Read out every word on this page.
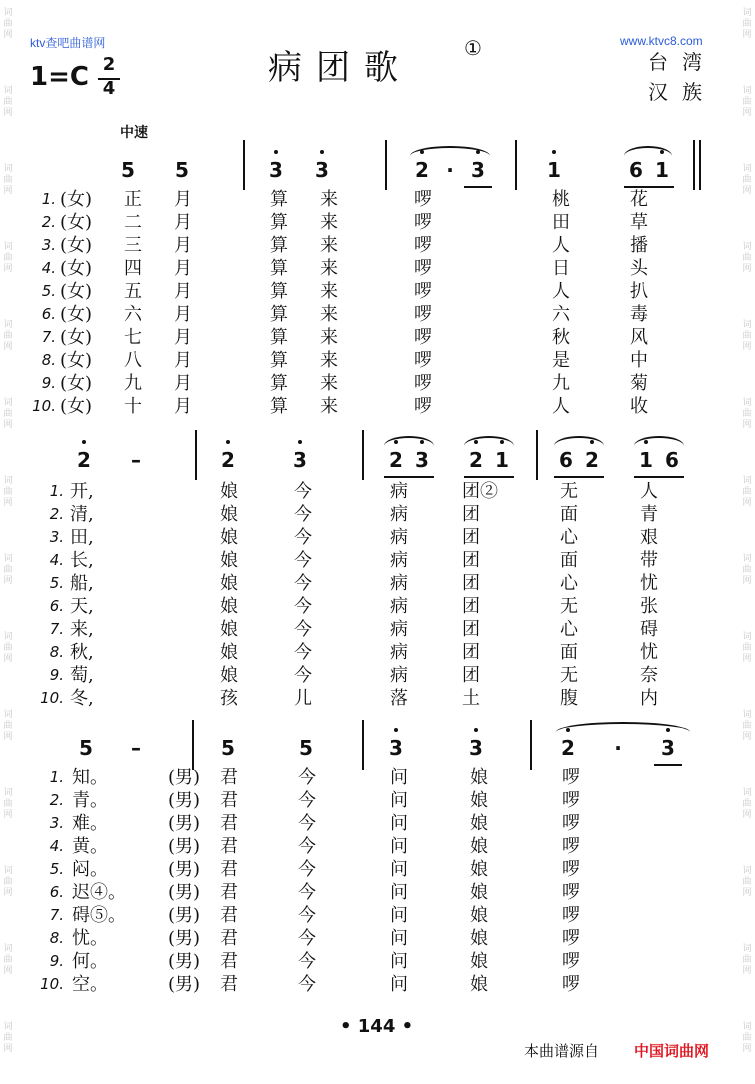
ktv查吧曲谱网	www.ktvc8.com
病团歌	①
1=C 2
4
台湾
汉族
中速
5	5	3	3	2 · 3	1	6 1
1. (女)	正 月	算 来	啰	桃	花
2. (女)	二 月	算 来	啰	田	草
3. (女)	三 月	算 来	啰	人	播
4. (女)	四 月	算 来	啰	日	头
5. (女)	五 月	算 来	啰	人	扒
6. (女)	六 月	算 来	啰	六	毒
7. (女)	七 月	算 来	啰	秋	风
8. (女)	八 月	算 来	啰	是	中
9. (女)	九 月	算 来	啰	九	菊
10. (女)	十 月	算 来	啰	人	收
2	–	2	3	2 3	2 1	6 2	1 6
1. 开,	娘	今	病	团②	无	人
2. 清,	娘	今	病	团	面	青
3. 田,	娘	今	病	团	心	艰
4. 长,	娘	今	病	团	面	带
5. 船,	娘	今	病	团	心	忧
6. 天,	娘	今	病	团	无	张
7. 来,	娘	今	病	团	心	碍
8. 秋,	娘	今	病	团	面	忧
9. 萄,	娘	今	病	团	无	奈
10. 冬,	孩	儿	落	土	腹	内
5	–	5	5	3	3	2	·	3
1. 知。	(男)	君	今	问	娘	啰
2. 青。	(男)	君	今	问	娘	啰
3. 难。	(男)	君	今	问	娘	啰
4. 黄。	(男)	君	今	问	娘	啰
5. 闷。	(男)	君	今	问	娘	啰
6. 迟④。	(男)	君	今	问	娘	啰
7. 碍⑤。	(男)	君	今	问	娘	啰
8. 忧。	(男)	君	今	问	娘	啰
9. 何。	(男)	君	今	问	娘	啰
10. 空。	(男)	君	今	问	娘	啰
• 144 •
本曲谱源自 中国词曲网
词
曲
网
词
曲
网
词
曲
网
词
曲
网
词
曲
网
词
曲
网
词
曲
网
词
曲
网
词
曲
网
词
曲
网
词
曲
网
词
曲
网
词
曲
网
词
曲
网
词
曲
网
词
曲
网
词
曲
网
词
曲
网
词
曲
网
词
曲
网
词
曲
网
词
曲
网
词
曲
网
词
曲
网
词
曲
网
词
曲
网
词
曲
网
词
曲
网
